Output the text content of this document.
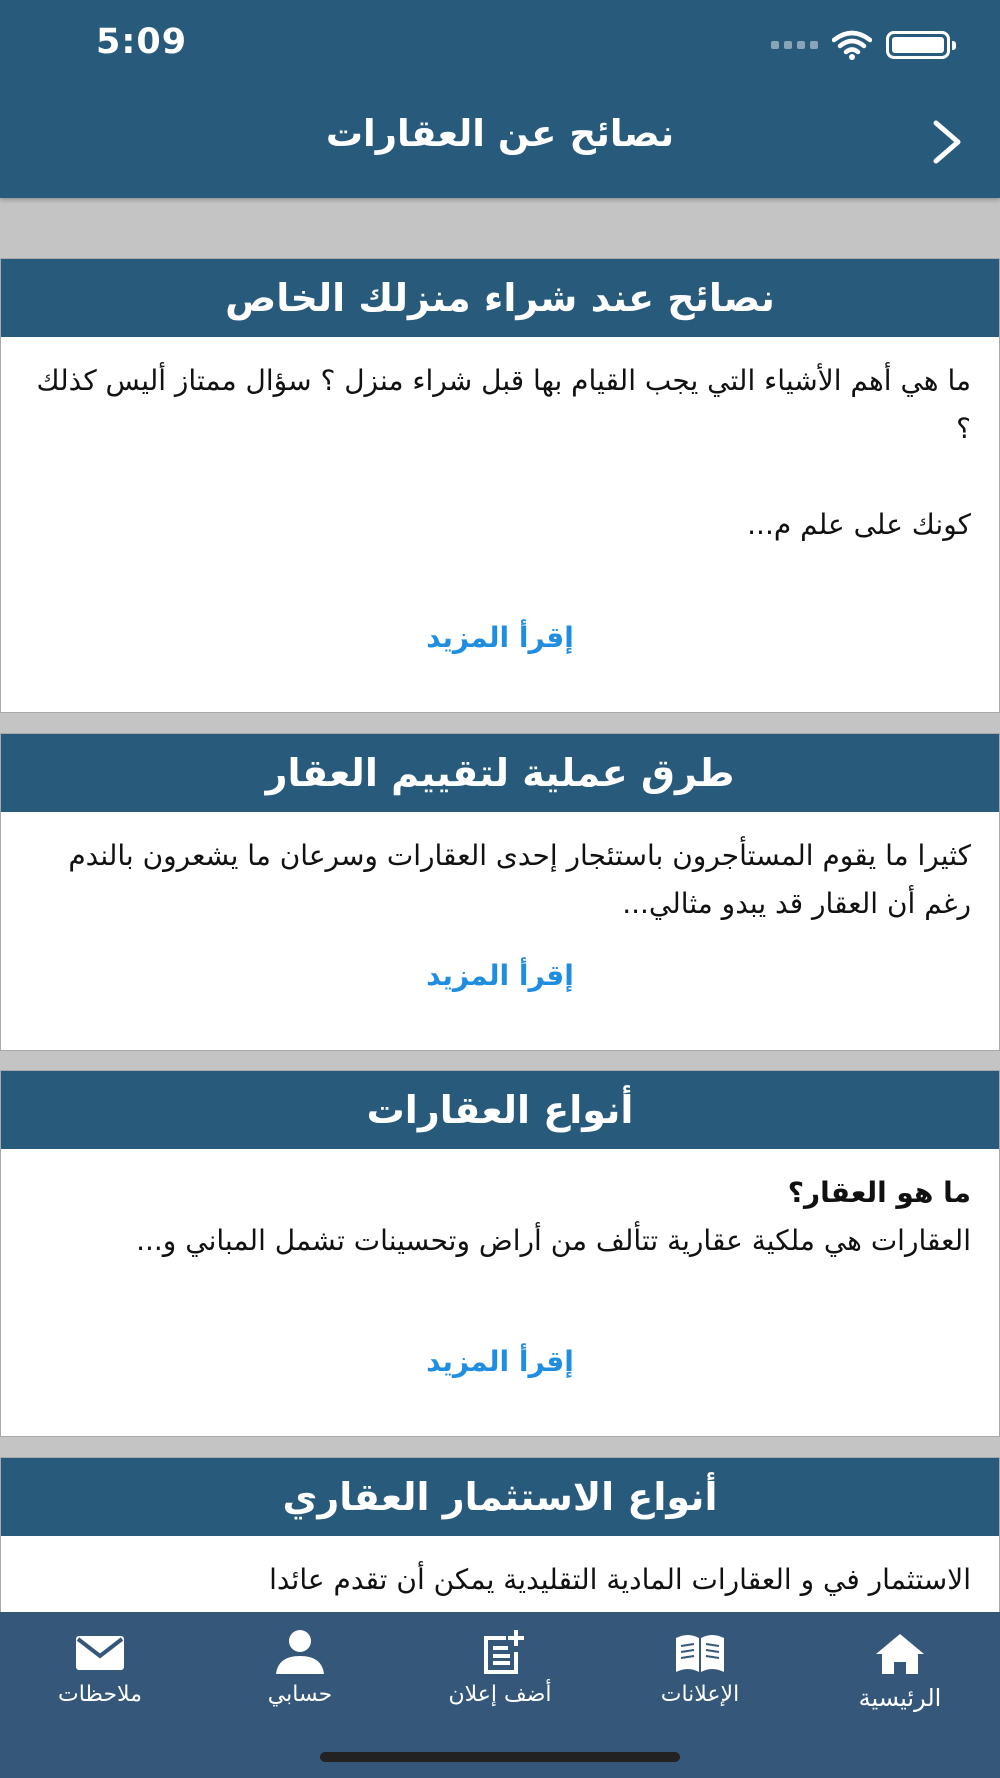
5:09
نصائح عن العقارات
نصائح عند شراء منزلك الخاص

ما هي أهم الأشياء التي يجب القيام بها قبل شراء منزل ؟ سؤال ممتاز أليس كذلك ؟

كونك على علم م...

إقرأ المزيد
طرق عملية لتقييم العقار

كثيرا ما يقوم المستأجرون باستئجار إحدى العقارات وسرعان ما يشعرون بالندم رغم أن العقار قد يبدو مثالي...

إقرأ المزيد
أنواع العقارات

ما هو العقار؟

العقارات هي ملكية عقارية تتألف من أراض وتحسينات تشمل المباني و...

إقرأ المزيد
أنواع الاستثمار العقاري

الاستثمار في و العقارات المادية التقليدية يمكن أن تقدم عائدا

الرئيسية
الإعلانات
أضف إعلان
حسابي
ملاحظات
